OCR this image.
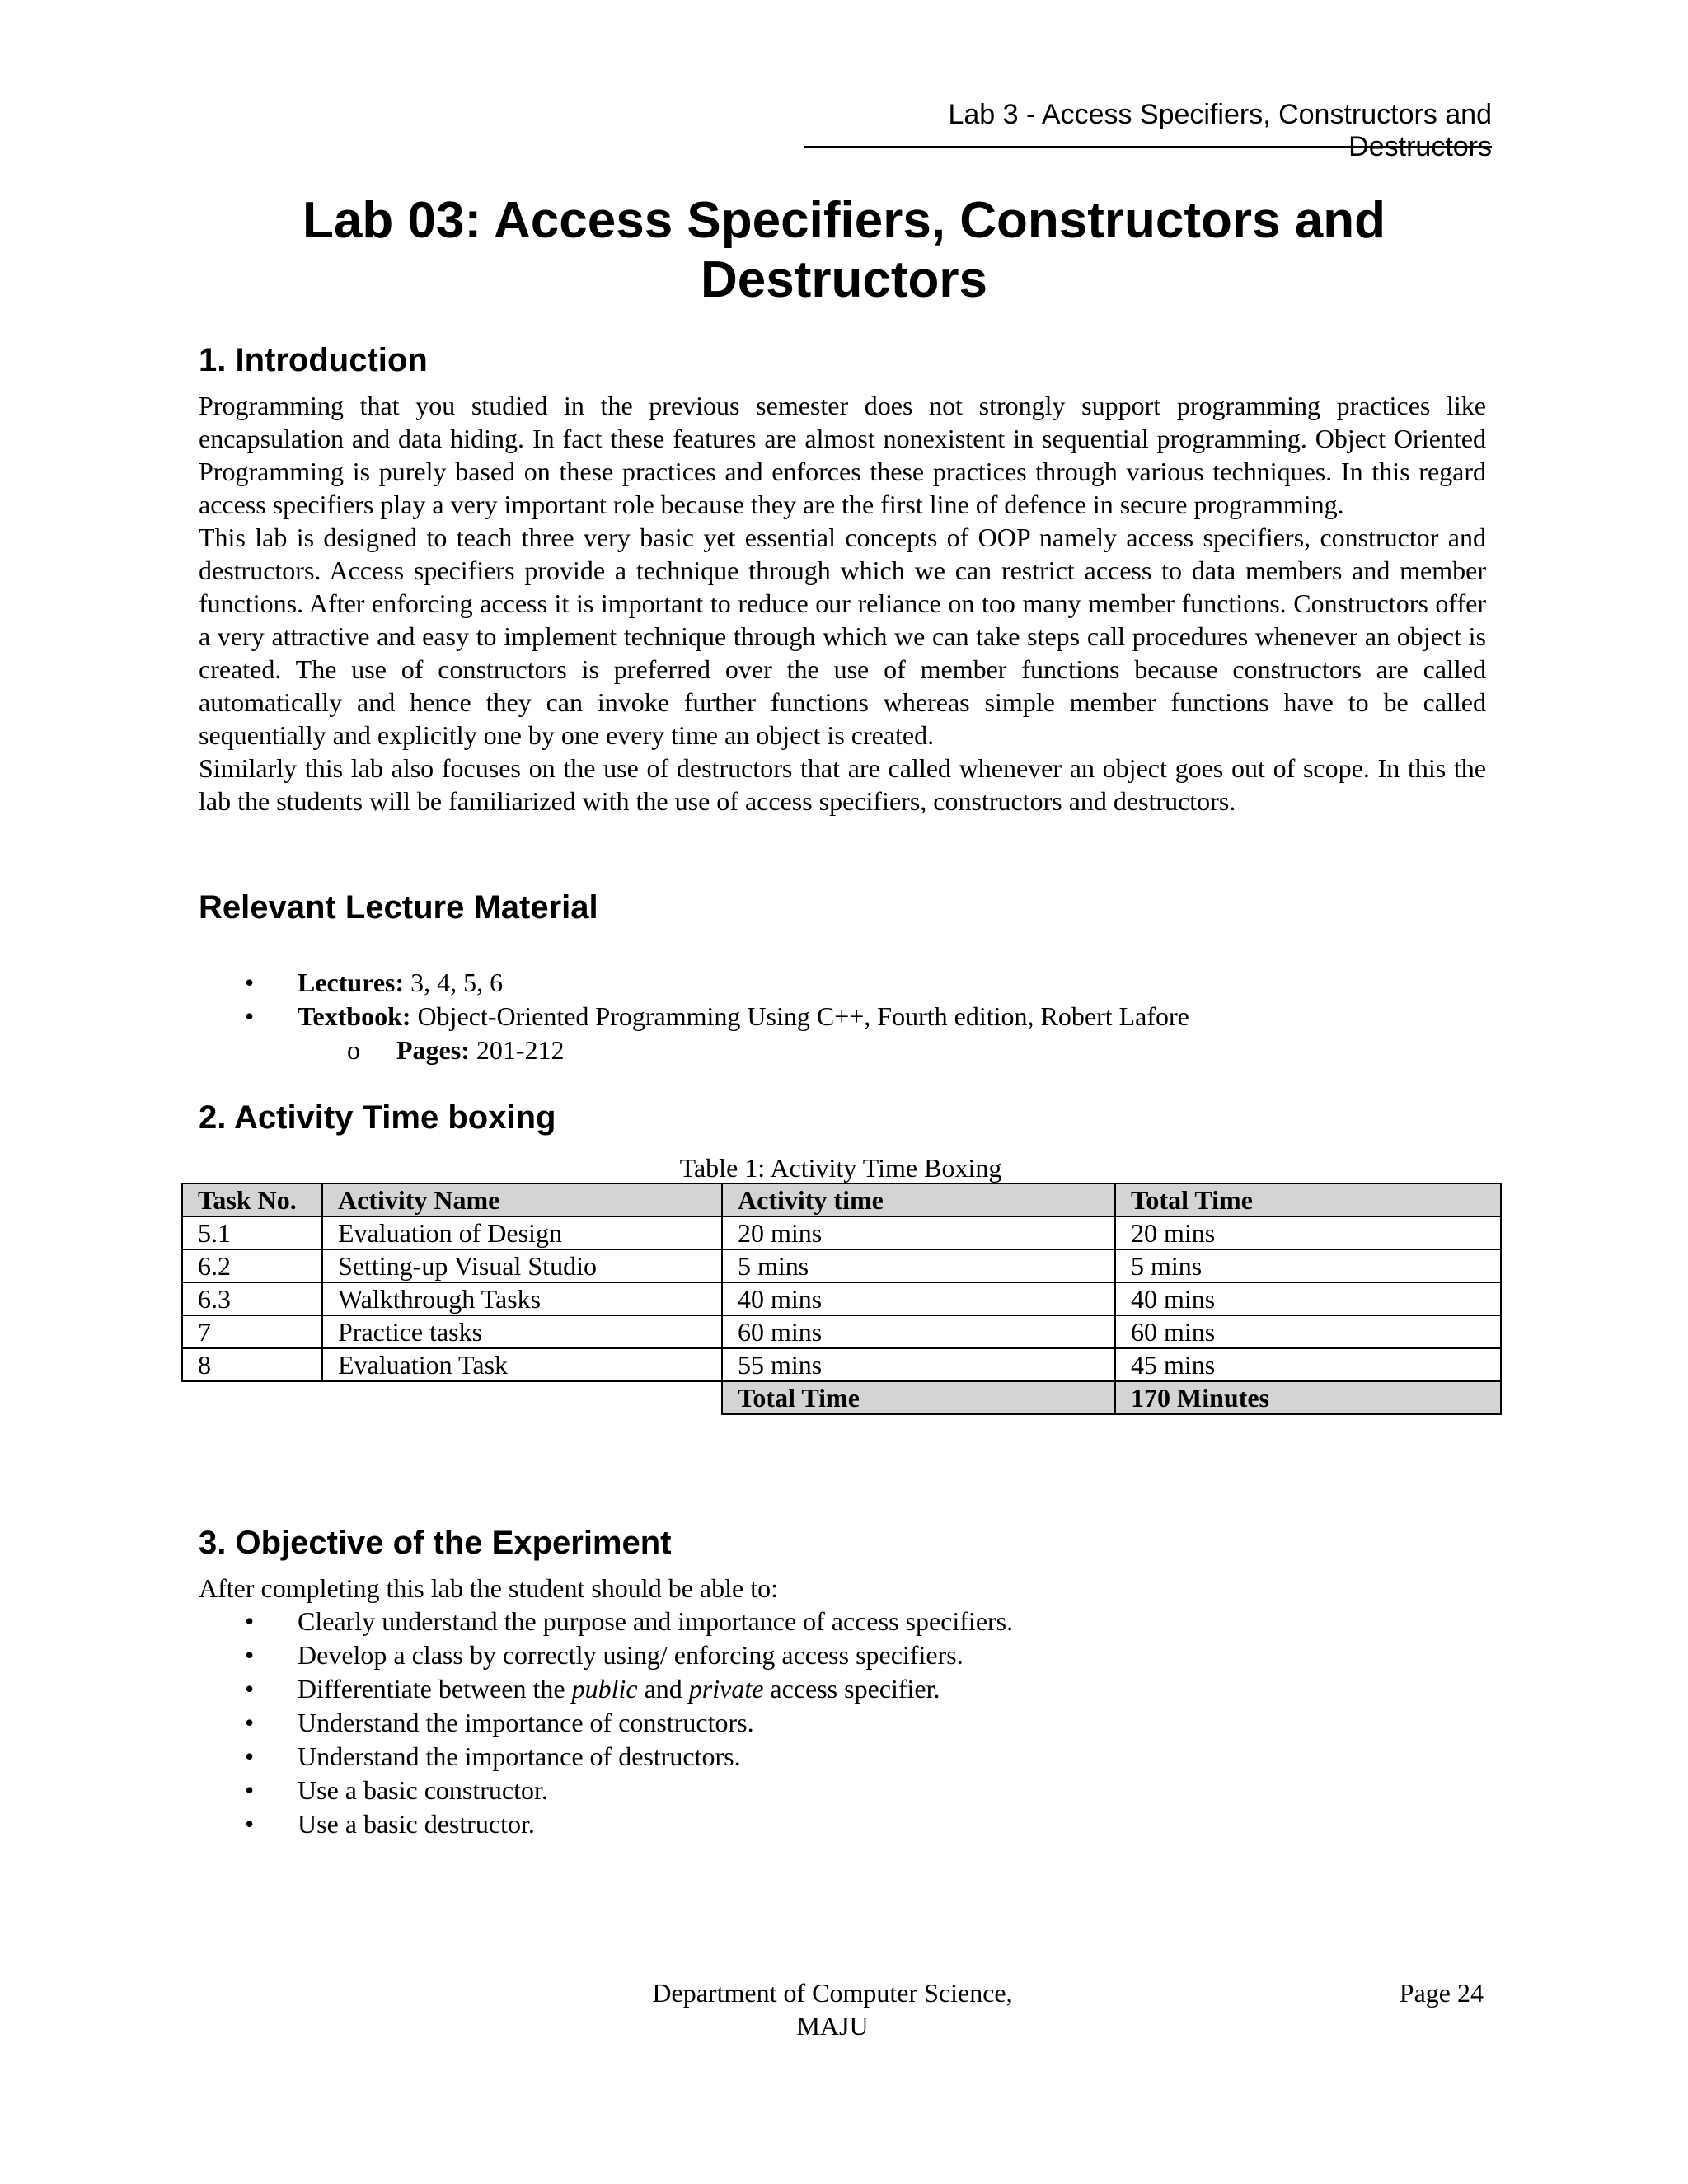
Lab 3 - Access Specifiers, Constructors and Destructors
Lab 03: Access Specifiers, Constructors and
Destructors
1. Introduction

Programming that you studied in the previous semester does not strongly support programming practices like encapsulation and data hiding. In fact these features are almost nonexistent in sequential programming. Object Oriented Programming is purely based on these practices and enforces these practices through various techniques. In this regard access specifiers play a very important role because they are the first line of defence in secure programming.

This lab is designed to teach three very basic yet essential concepts of OOP namely access specifiers, constructor and destructors. Access specifiers provide a technique through which we can restrict access to data members and member functions. After enforcing access it is important to reduce our reliance on too many member functions. Constructors offer a very attractive and easy to implement technique through which we can take steps call procedures whenever an object is created. The use of constructors is preferred over the use of member functions because constructors are called automatically and hence they can invoke further functions whereas simple member functions have to be called sequentially and explicitly one by one every time an object is created.

Similarly this lab also focuses on the use of destructors that are called whenever an object goes out of scope. In this the lab the students will be familiarized with the use of access specifiers, constructors and destructors.

Relevant Lecture Material
• Lectures: 3, 4, 5, 6
• Textbook: Object-Oriented Programming Using C++, Fourth edition, Robert Lafore
o Pages: 201-212
2. Activity Time boxing
Table 1: Activity Time Boxing
Task No.	Activity Name	Activity time	Total Time
5.1	Evaluation of Design	20 mins	20 mins
6.2	Setting-up Visual Studio	5 mins	5 mins
6.3	Walkthrough Tasks	40 mins	40 mins
7	Practice tasks	60 mins	60 mins
8	Evaluation Task	55 mins	45 mins
		Total Time	170 Minutes
3. Objective of the Experiment
After completing this lab the student should be able to:
• Clearly understand the purpose and importance of access specifiers.
• Develop a class by correctly using/ enforcing access specifiers.
• Differentiate between the public and private access specifier.
• Understand the importance of constructors.
• Understand the importance of destructors.
• Use a basic constructor.
• Use a basic destructor.
Department of Computer Science,
MAJU
Page 24
